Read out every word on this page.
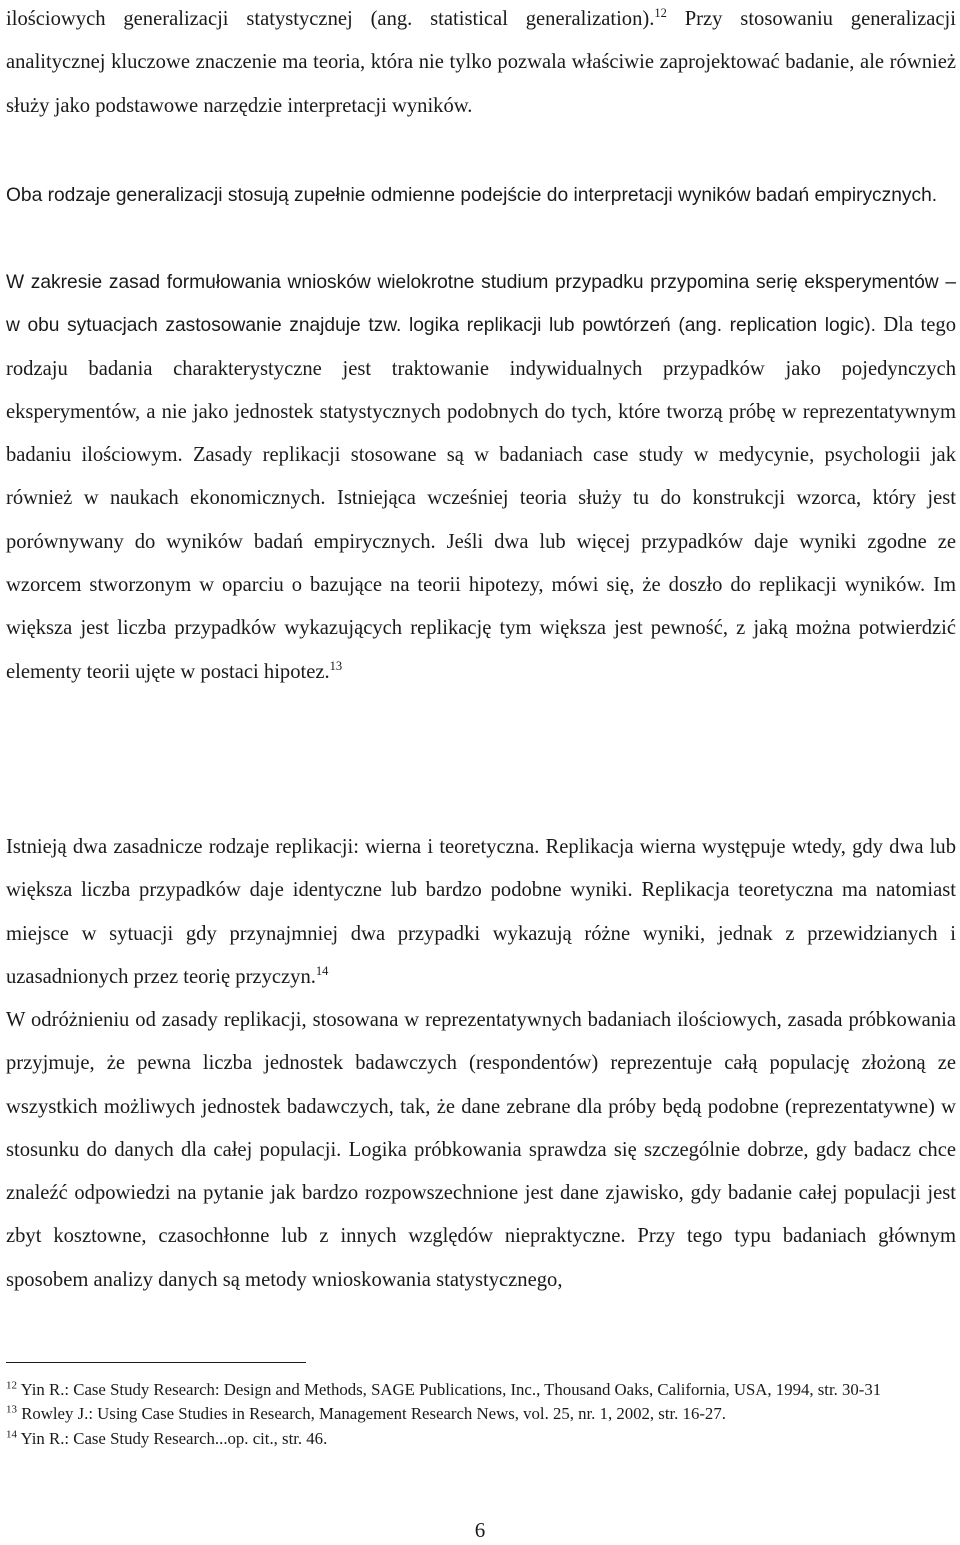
ilościowych generalizacji statystycznej (ang. statistical generalization).$^{12}$ Przy stosowaniu generalizacji analitycznej kluczowe znaczenie ma teoria, która nie tylko pozwala właściwie zaprojektować badanie, ale również służy jako podstawowe narzędzie interpretacji wyników.

Oba rodzaje generalizacji stosują zupełnie odmienne podejście do interpretacji wyników badań empirycznych.

W zakresie zasad formułowania wniosków wielokrotne studium przypadku przypomina serię eksperymentów – w obu sytuacjach zastosowanie znajduje tzw. logika replikacji lub powtórzeń (ang. replication logic). Dla tego rodzaju badania charakterystyczne jest traktowanie indywidualnych przypadków jako pojedynczych eksperymentów, a nie jako jednostek statystycznych podobnych do tych, które tworzą próbę w reprezentatywnym badaniu ilościowym. Zasady replikacji stosowane są w badaniach case study w medycynie, psychologii jak również w naukach ekonomicznych. Istniejąca wcześniej teoria służy tu do konstrukcji wzorca, który jest porównywany do wyników badań empirycznych. Jeśli dwa lub więcej przypadków daje wyniki zgodne ze wzorcem stworzonym w oparciu o bazujące na teorii hipotezy, mówi się, że doszło do replikacji wyników. Im większa jest liczba przypadków wykazujących replikację tym większa jest pewność, z jaką można potwierdzić elementy teorii ujęte w postaci hipotez.$^{13}$

Istnieją dwa zasadnicze rodzaje replikacji: wierna i teoretyczna. Replikacja wierna występuje wtedy, gdy dwa lub większa liczba przypadków daje identyczne lub bardzo podobne wyniki. Replikacja teoretyczna ma natomiast miejsce w sytuacji gdy przynajmniej dwa przypadki wykazują różne wyniki, jednak z przewidzianych i uzasadnionych przez teorię przyczyn.$^{14}$

W odróżnieniu od zasady replikacji, stosowana w reprezentatywnych badaniach ilościowych, zasada próbkowania przyjmuje, że pewna liczba jednostek badawczych (respondentów) reprezentuje całą populację złożoną ze wszystkich możliwych jednostek badawczych, tak, że dane zebrane dla próby będą podobne (reprezentatywne) w stosunku do danych dla całej populacji. Logika próbkowania sprawdza się szczególnie dobrze, gdy badacz chce znaleźć odpowiedzi na pytanie jak bardzo rozpowszechnione jest dane zjawisko, gdy badanie całej populacji jest zbyt kosztowne, czasochłonne lub z innych względów niepraktyczne. Przy tego typu badaniach głównym sposobem analizy danych są metody wnioskowania statystycznego,

$^{12}$ Yin R.: Case Study Research: Design and Methods, SAGE Publications, Inc., Thousand Oaks, California, USA, 1994, str. 30-31

$^{13}$ Rowley J.: Using Case Studies in Research, Management Research News, vol. 25, nr. 1, 2002, str. 16-27.

$^{14}$ Yin R.: Case Study Research...op. cit., str. 46.

6
